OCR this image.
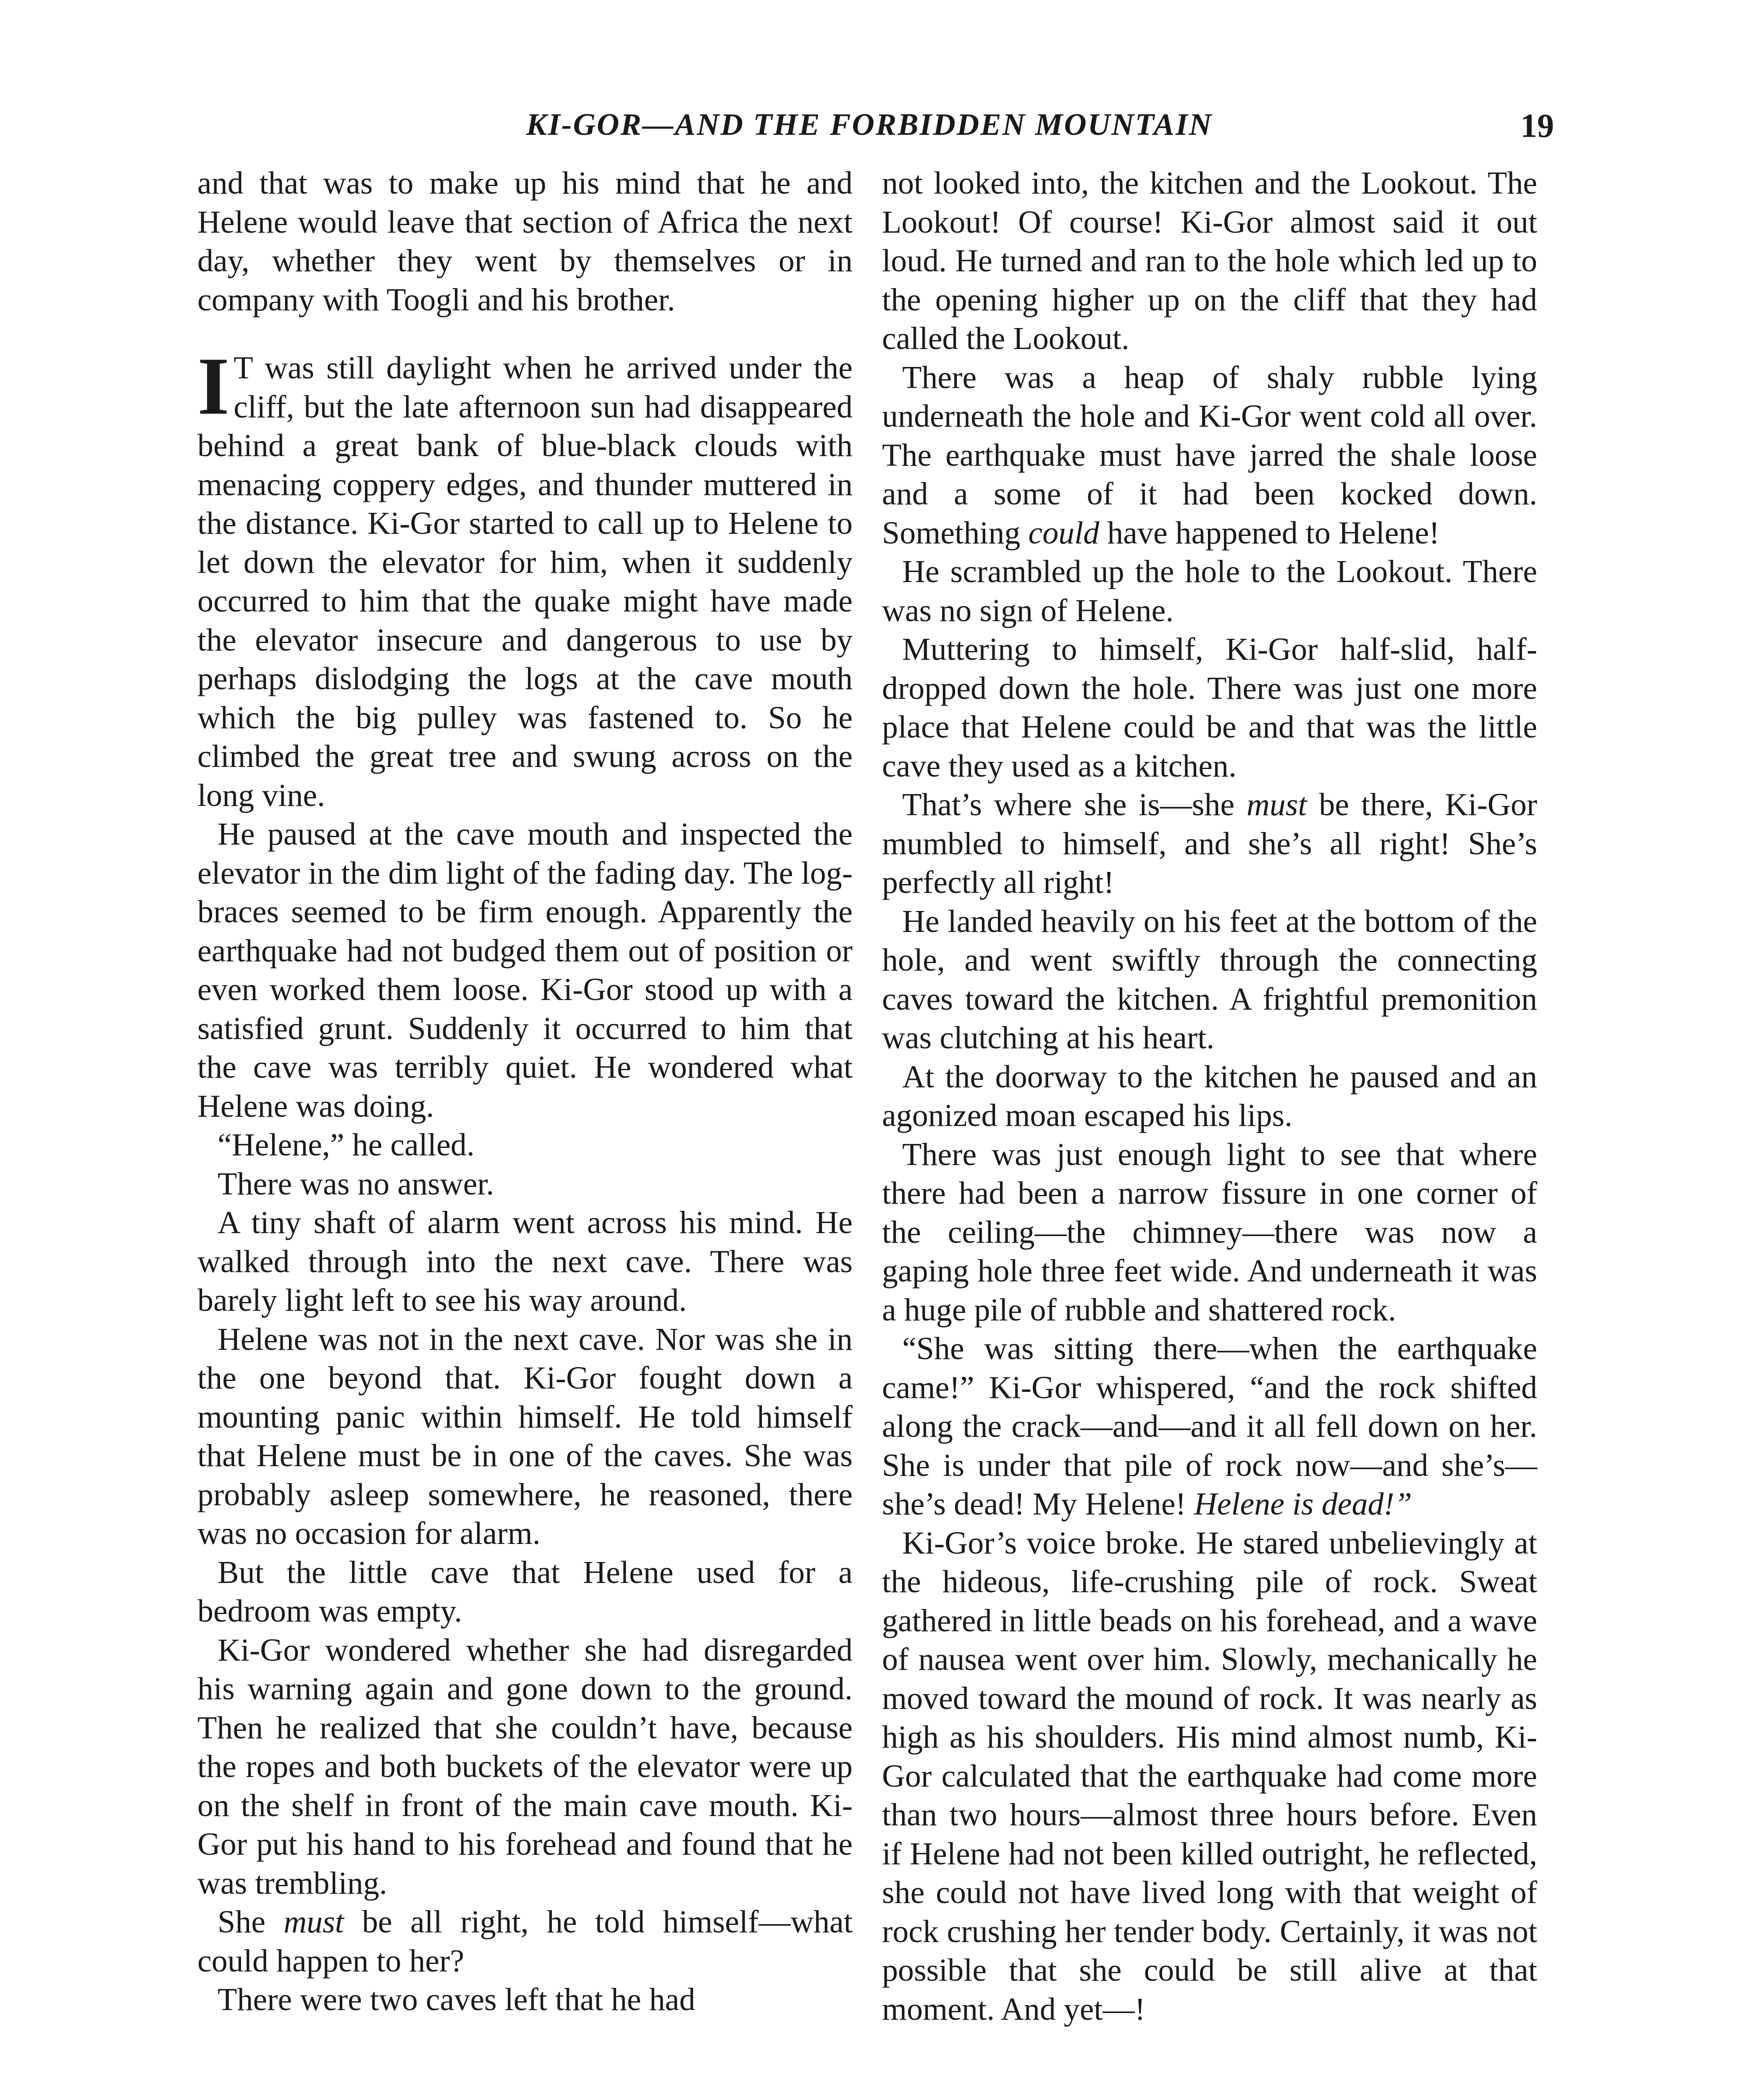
KI-GOR—AND THE FORBIDDEN MOUNTAIN	19

and that was to make up his mind that he and Helene would leave that section of Africa the next day, whether they went by themselves or in company with Toogli and his brother.

I T was still daylight when he arrived under the cliff, but the late afternoon sun had disappeared behind a great bank of blue-black clouds with menacing coppery edges, and thunder muttered in the distance. Ki-Gor started to call up to Helene to let down the elevator for him, when it suddenly occurred to him that the quake might have made the elevator insecure and dangerous to use by perhaps dislodging the logs at the cave mouth which the big pulley was fastened to. So he climbed the great tree and swung across on the long vine.

He paused at the cave mouth and inspected the elevator in the dim light of the fading day. The log-braces seemed to be firm enough. Apparently the earthquake had not budged them out of position or even worked them loose. Ki-Gor stood up with a satisfied grunt. Suddenly it occurred to him that the cave was terribly quiet. He wondered what Helene was doing.

“Helene,” he called.

There was no answer.

A tiny shaft of alarm went across his mind. He walked through into the next cave. There was barely light left to see his way around.

Helene was not in the next cave. Nor was she in the one beyond that. Ki-Gor fought down a mounting panic within himself. He told himself that Helene must be in one of the caves. She was probably asleep somewhere, he reasoned, there was no occasion for alarm.

But the little cave that Helene used for a bedroom was empty.

Ki-Gor wondered whether she had disregarded his warning again and gone down to the ground. Then he realized that she couldn’t have, because the ropes and both buckets of the elevator were up on the shelf in front of the main cave mouth. Ki-Gor put his hand to his forehead and found that he was trembling.

She must be all right, he told himself—what could happen to her?

There were two caves left that he had

not looked into, the kitchen and the Lookout. The Lookout! Of course! Ki-Gor almost said it out loud. He turned and ran to the hole which led up to the opening higher up on the cliff that they had called the Lookout.

There was a heap of shaly rubble lying underneath the hole and Ki-Gor went cold all over. The earthquake must have jarred the shale loose and a some of it had been kocked down. Something could have happened to Helene!

He scrambled up the hole to the Lookout. There was no sign of Helene.

Muttering to himself, Ki-Gor half-slid, half-dropped down the hole. There was just one more place that Helene could be and that was the little cave they used as a kitchen.

That’s where she is—she must be there, Ki-Gor mumbled to himself, and she’s all right! She’s perfectly all right!

He landed heavily on his feet at the bottom of the hole, and went swiftly through the connecting caves toward the kitchen. A frightful premonition was clutching at his heart.

At the doorway to the kitchen he paused and an agonized moan escaped his lips.

There was just enough light to see that where there had been a narrow fissure in one corner of the ceiling—the chimney—there was now a gaping hole three feet wide. And underneath it was a huge pile of rubble and shattered rock.

“She was sitting there—when the earthquake came!” Ki-Gor whispered, “and the rock shifted along the crack—and—and it all fell down on her. She is under that pile of rock now—and she’s—she’s dead! My Helene! Helene is dead!”

Ki-Gor’s voice broke. He stared unbelievingly at the hideous, life-crushing pile of rock. Sweat gathered in little beads on his forehead, and a wave of nausea went over him. Slowly, mechanically he moved toward the mound of rock. It was nearly as high as his shoulders. His mind almost numb, Ki-Gor calculated that the earthquake had come more than two hours—almost three hours before. Even if Helene had not been killed outright, he reflected, she could not have lived long with that weight of rock crushing her tender body. Certainly, it was not possible that she could be still alive at that moment. And yet—!
